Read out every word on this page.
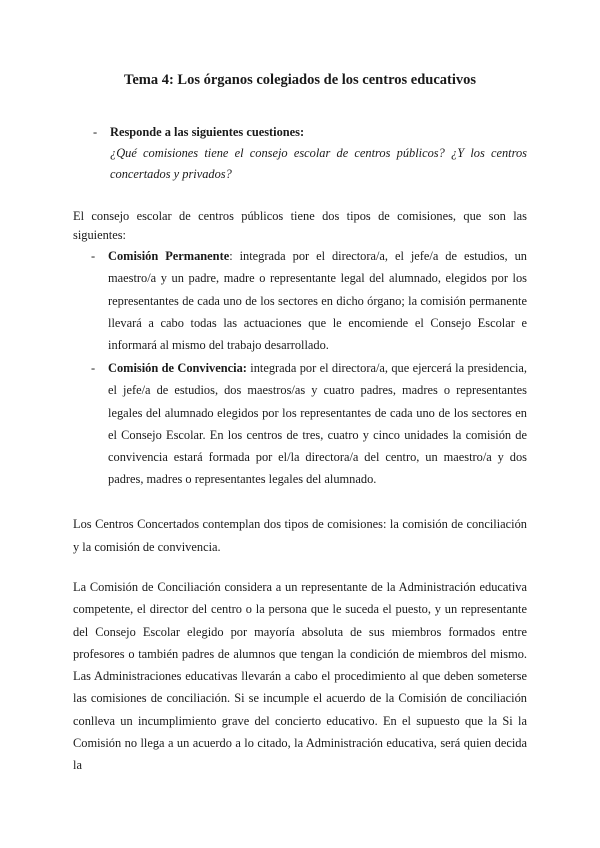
Tema 4: Los órganos colegiados de los centros educativos
-	Responde a las siguientes cuestiones:
¿Qué comisiones tiene el consejo escolar de centros públicos? ¿Y los centros concertados y privados?
El consejo escolar de centros públicos tiene dos tipos de comisiones, que son las siguientes:
-	Comisión Permanente: integrada por el directora/a, el jefe/a de estudios, un maestro/a y un padre, madre o representante legal del alumnado, elegidos por los representantes de cada uno de los sectores en dicho órgano; la comisión permanente llevará a cabo todas las actuaciones que le encomiende el Consejo Escolar e informará al mismo del trabajo desarrollado.
-	Comisión de Convivencia: integrada por el directora/a, que ejercerá la presidencia, el jefe/a de estudios, dos maestros/as y cuatro padres, madres o representantes legales del alumnado elegidos por los representantes de cada uno de los sectores en el Consejo Escolar. En los centros de tres, cuatro y cinco unidades la comisión de convivencia estará formada por el/la directora/a del centro, un maestro/a y dos padres, madres o representantes legales del alumnado.
Los Centros Concertados contemplan dos tipos de comisiones: la comisión de conciliación y la comisión de convivencia.
La Comisión de Conciliación considera a un representante de la Administración educativa competente, el director del centro o la persona que le suceda el puesto, y un representante del Consejo Escolar elegido por mayoría absoluta de sus miembros formados entre profesores o también padres de alumnos que tengan la condición de miembros del mismo. Las Administraciones educativas llevarán a cabo el procedimiento al que deben someterse las comisiones de conciliación. Si se incumple el acuerdo de la Comisión de conciliación conlleva un incumplimiento grave del concierto educativo. En el supuesto que la Si la Comisión no llega a un acuerdo a lo citado, la Administración educativa, será quien decida la
